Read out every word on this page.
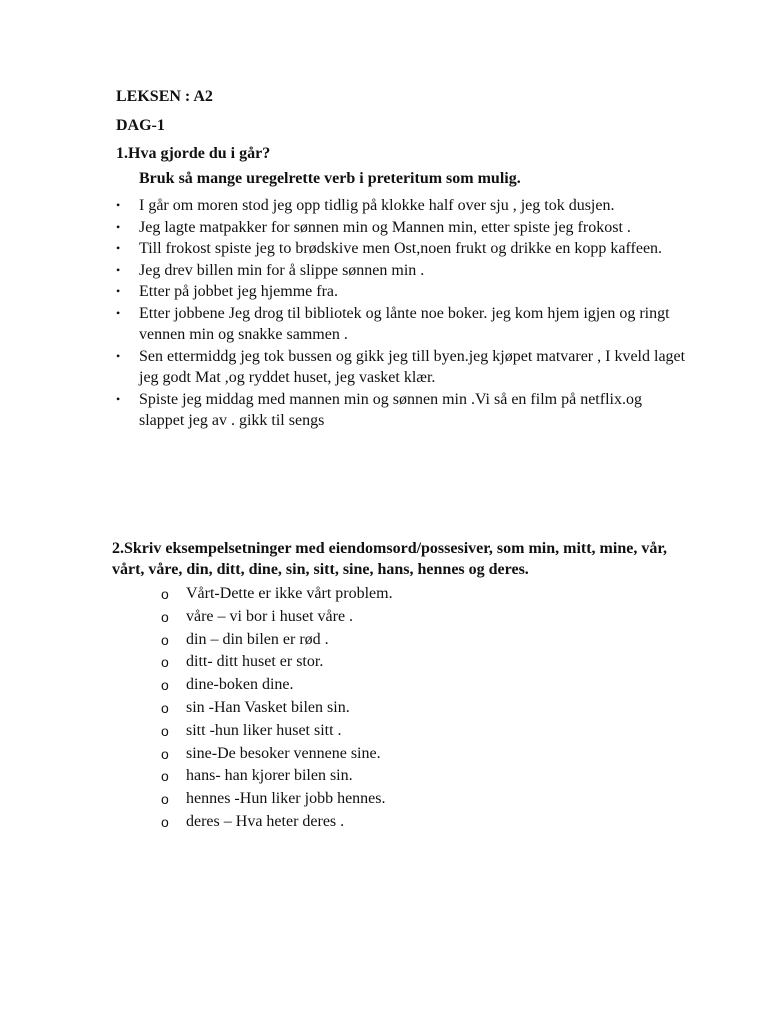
LEKSEN : A2
DAG-1
1.Hva gjorde du i går?
Bruk så mange uregelrette verb i preteritum som mulig.
•	I går om moren stod jeg opp tidlig på klokke half over sju , jeg tok dusjen.
•	Jeg lagte matpakker for sønnen min og Mannen min, etter spiste jeg frokost .
•	Till frokost spiste jeg to brødskive men Ost,noen frukt og drikke en kopp kaffeen.
•	Jeg drev billen min for å slippe sønnen min .
•	Etter på jobbet jeg hjemme fra.
•	Etter jobbene Jeg drog til bibliotek og lånte noe boker. jeg kom hjem igjen og ringt vennen min og snakke sammen .
•	Sen ettermiddg jeg tok bussen og gikk jeg till byen.jeg kjøpet matvarer , I kveld laget jeg godt Mat ,og ryddet huset, jeg vasket klær.
•	Spiste jeg middag med mannen min og sønnen min .Vi så en film på netflix.og slappet jeg av . gikk til sengs

2.Skriv eksempelsetninger med eiendomsord/possesiver, som min, mitt, mine, vår, vårt, våre, din, ditt, dine, sin, sitt, sine, hans, hennes og deres.

o Vårt-Dette er ikke vårt problem.
o våre – vi bor i huset våre .
o din – din bilen er rød .
o ditt- ditt huset er stor.
o dine-boken dine.
o sin -Han Vasket bilen sin.
o sitt -hun liker huset sitt .
o sine-De besoker vennene sine.
o hans- han kjorer bilen sin.
o hennes -Hun liker jobb hennes.
o deres – Hva heter deres .
